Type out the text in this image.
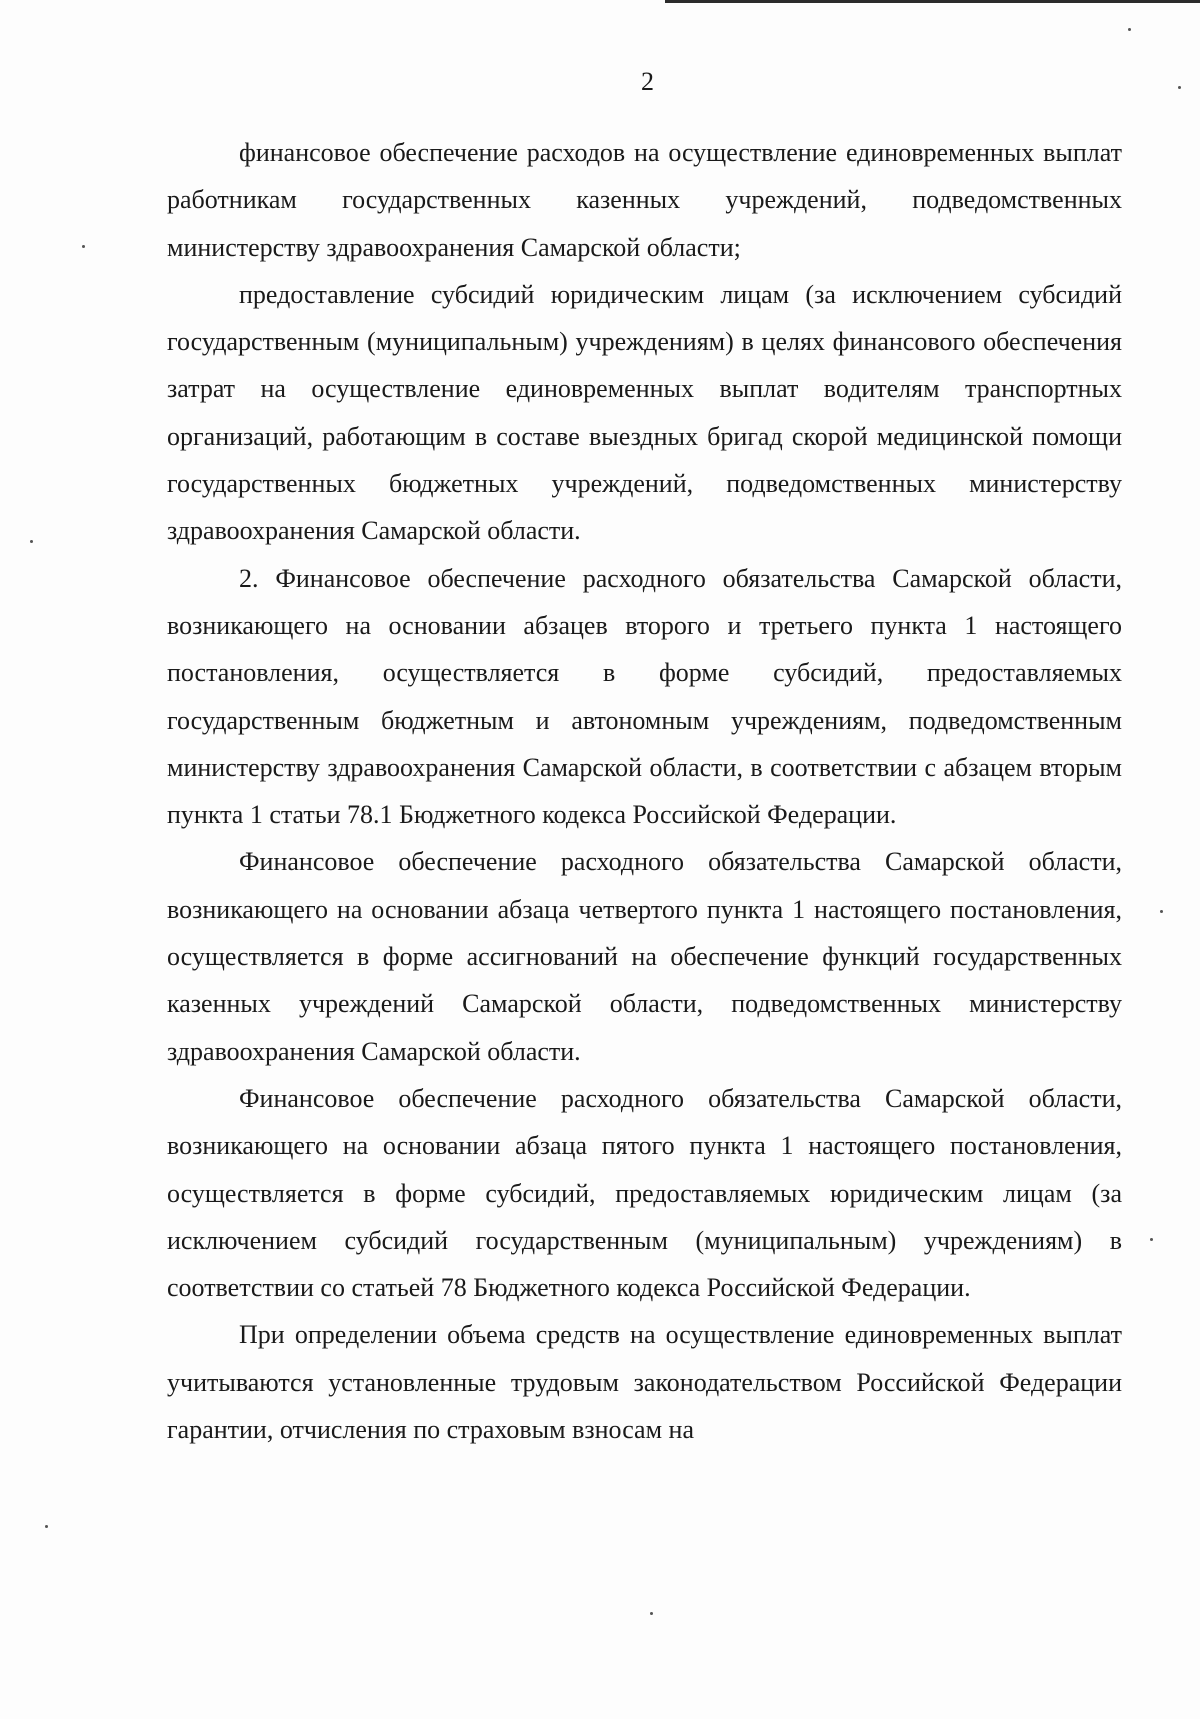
2

финансовое обеспечение расходов на осуществление единовременных выплат работникам государственных казенных учреждений, подведомственных министерству здравоохранения Самарской области;

предоставление субсидий юридическим лицам (за исключением субсидий государственным (муниципальным) учреждениям) в целях финансового обеспечения затрат на осуществление единовременных выплат водителям транспортных организаций, работающим в составе выездных бригад скорой медицинской помощи государственных бюджетных учреждений, подведомственных министерству здравоохранения Самарской области.

2. Финансовое обеспечение расходного обязательства Самарской области, возникающего на основании абзацев второго и третьего пункта 1 настоящего постановления, осуществляется в форме субсидий, предоставляемых государственным бюджетным и автономным учреждениям, подведомственным министерству здравоохранения Самарской области, в соответствии с абзацем вторым пункта 1 статьи 78.1 Бюджетного кодекса Российской Федерации.

Финансовое обеспечение расходного обязательства Самарской области, возникающего на основании абзаца четвертого пункта 1 настоящего постановления, осуществляется в форме ассигнований на обеспечение функций государственных казенных учреждений Самарской области, подведомственных министерству здравоохранения Самарской области.

Финансовое обеспечение расходного обязательства Самарской области, возникающего на основании абзаца пятого пункта 1 настоящего постановления, осуществляется в форме субсидий, предоставляемых юридическим лицам (за исключением субсидий государственным (муниципальным) учреждениям) в соответствии со статьей 78 Бюджетного кодекса Российской Федерации.

При определении объема средств на осуществление единовременных выплат учитываются установленные трудовым законодательством Российской Федерации гарантии, отчисления по страховым взносам на
